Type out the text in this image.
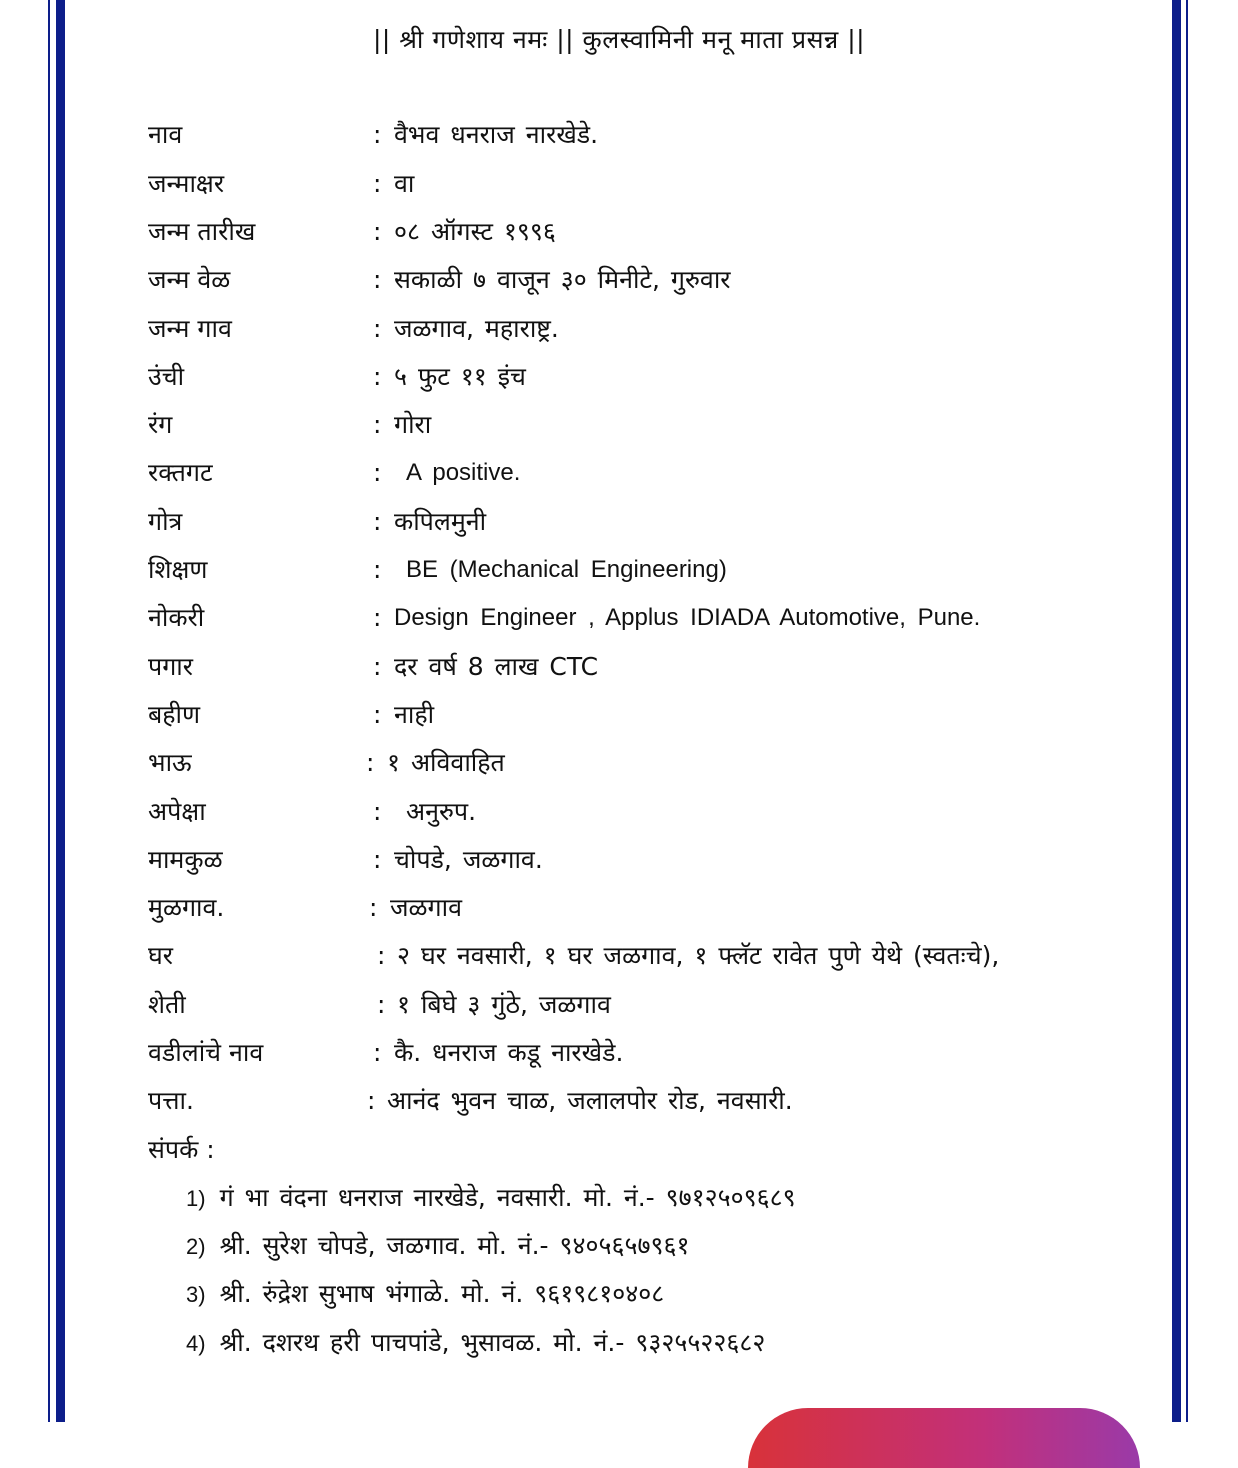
|| श्री गणेशाय नमः || कुलस्वामिनी मनू माता प्रसन्न ||
नाव	: वैभव धनराज नारखेडे.
जन्माक्षर	: वा
जन्म तारीख	: ०८ ऑगस्ट १९९६
जन्म वेळ	: सकाळी ७ वाजून ३० मिनीटे, गुरुवार
जन्म गाव	: जळगाव, महाराष्ट्र.
उंची	: ५ फुट ११ इंच
रंग	: गोरा
रक्तगट	: A positive.
गोत्र	: कपिलमुनी
शिक्षण	: BE (Mechanical Engineering)
नोकरी	: Design Engineer , Applus IDIADA Automotive, Pune.
पगार	: दर वर्ष 8 लाख CTC
बहीण	: नाही
भाऊ	: १ अविवाहित
अपेक्षा	: अनुरुप.
मामकुळ	: चोपडे, जळगाव.
मुळगाव.	: जळगाव
घर	: २ घर नवसारी, १ घर जळगाव, १ फ्लॅट रावेत पुणे येथे (स्वतःचे),
शेती	: १ बिघे ३ गुंठे, जळगाव
वडीलांचे नाव	: कै. धनराज कडू नारखेडे.
पत्ता.	: आनंद भुवन चाळ, जलालपोर रोड, नवसारी.
संपर्क :
1) गं भा वंदना धनराज नारखेडे, नवसारी. मो. नं.- ९७१२५०९६८९
2) श्री. सुरेश चोपडे, जळगाव. मो. नं.- ९४०५६५७९६१
3) श्री. रुंद्रेश सुभाष भंगाळे. मो. नं. ९६१९८१०४०८
4) श्री. दशरथ हरी पाचपांडे, भुसावळ. मो. नं.- ९३२५५२२६८२
